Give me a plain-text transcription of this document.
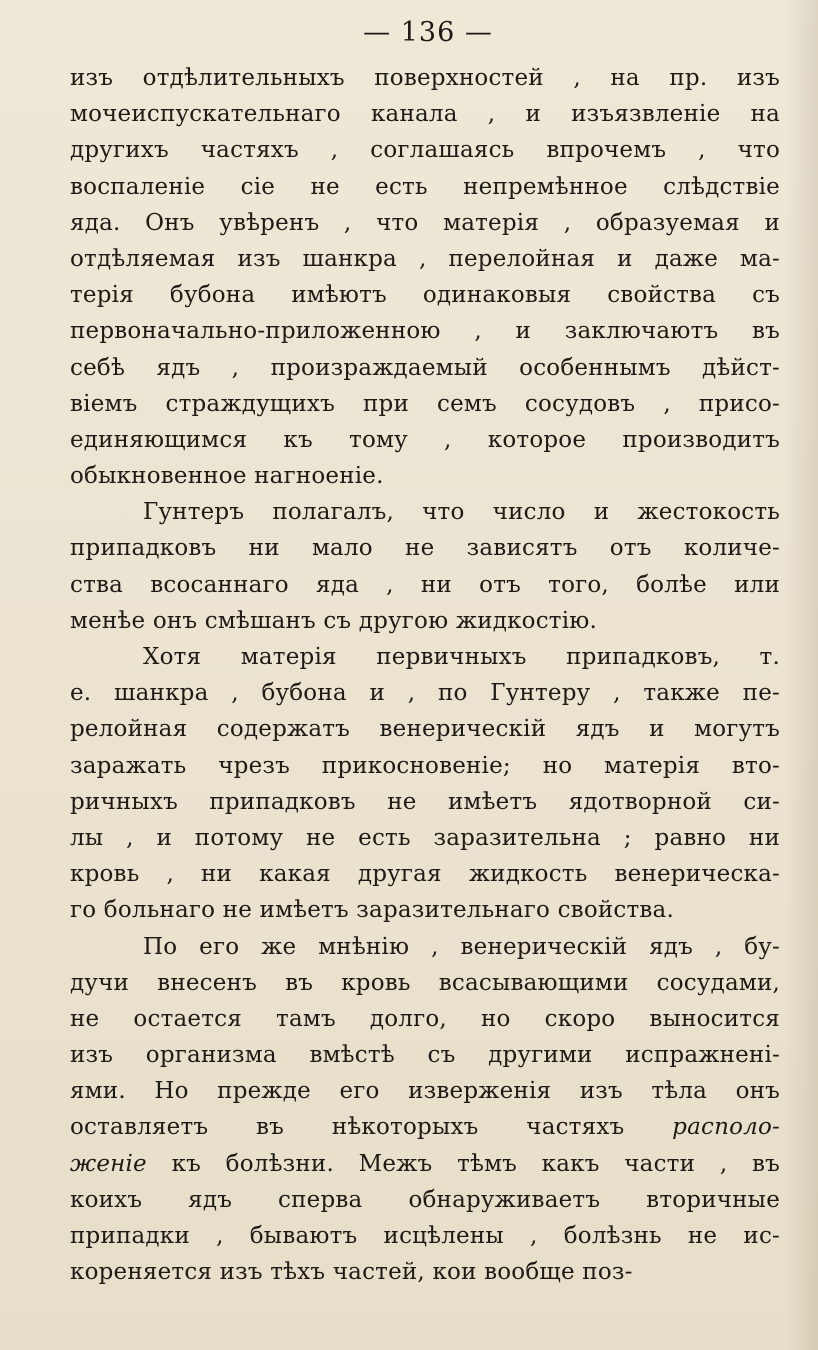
— 136 —
изъ отдѣлительныхъ поверхностей , на пр. изъ
мочеиспускательнаго канала , и изъязвленіе на
другихъ частяхъ , соглашаясь впрочемъ , что
воспаленіе сіе не есть непремѣнное слѣдствіе
яда. Онъ увѣренъ , что матерія , образуемая и
отдѣляемая изъ шанкра , перелойная и даже ма-
терія бубона имѣютъ одинаковыя свойства съ
первоначально-приложенною , и заключаютъ въ
себѣ ядъ , произраждаемый особеннымъ дѣйст-
віемъ страждущихъ при семъ сосудовъ , присо-
единяющимся къ тому , которое производитъ
обыкновенное нагноеніе.
Гунтеръ полагалъ, что число и жестокость
припадковъ ни мало не зависятъ отъ количе-
ства всосаннаго яда , ни отъ того, болѣе или
менѣе онъ смѣшанъ съ другою жидкостію.
Хотя матерія первичныхъ припадковъ, т.
е. шанкра , бубона и , по Гунтеру , также пе-
релойная содержатъ венерическій ядъ и могутъ
заражать чрезъ прикосновеніе; но матерія вто-
ричныхъ припадковъ не имѣетъ ядотворной си-
лы , и потому не есть заразительна ; равно ни
кровь , ни какая другая жидкость венерическа-
го больнаго не имѣетъ заразительнаго свойства.
По его же мнѣнію , венерическій ядъ , бу-
дучи внесенъ въ кровь всасывающими сосудами,
не остается тамъ долго, но скоро выносится
изъ организма вмѣстѣ съ другими испражненi-
ями. Но прежде его изверженія изъ тѣла онъ
оставляетъ въ нѣкоторыхъ частяхъ располо-
женіе къ болѣзни. Межъ тѣмъ какъ части , въ
коихъ ядъ сперва обнаруживаетъ вторичные
припадки , бываютъ исцѣлены , болѣзнь не ис-
кореняется изъ тѣхъ частей, кои вообще поз-
